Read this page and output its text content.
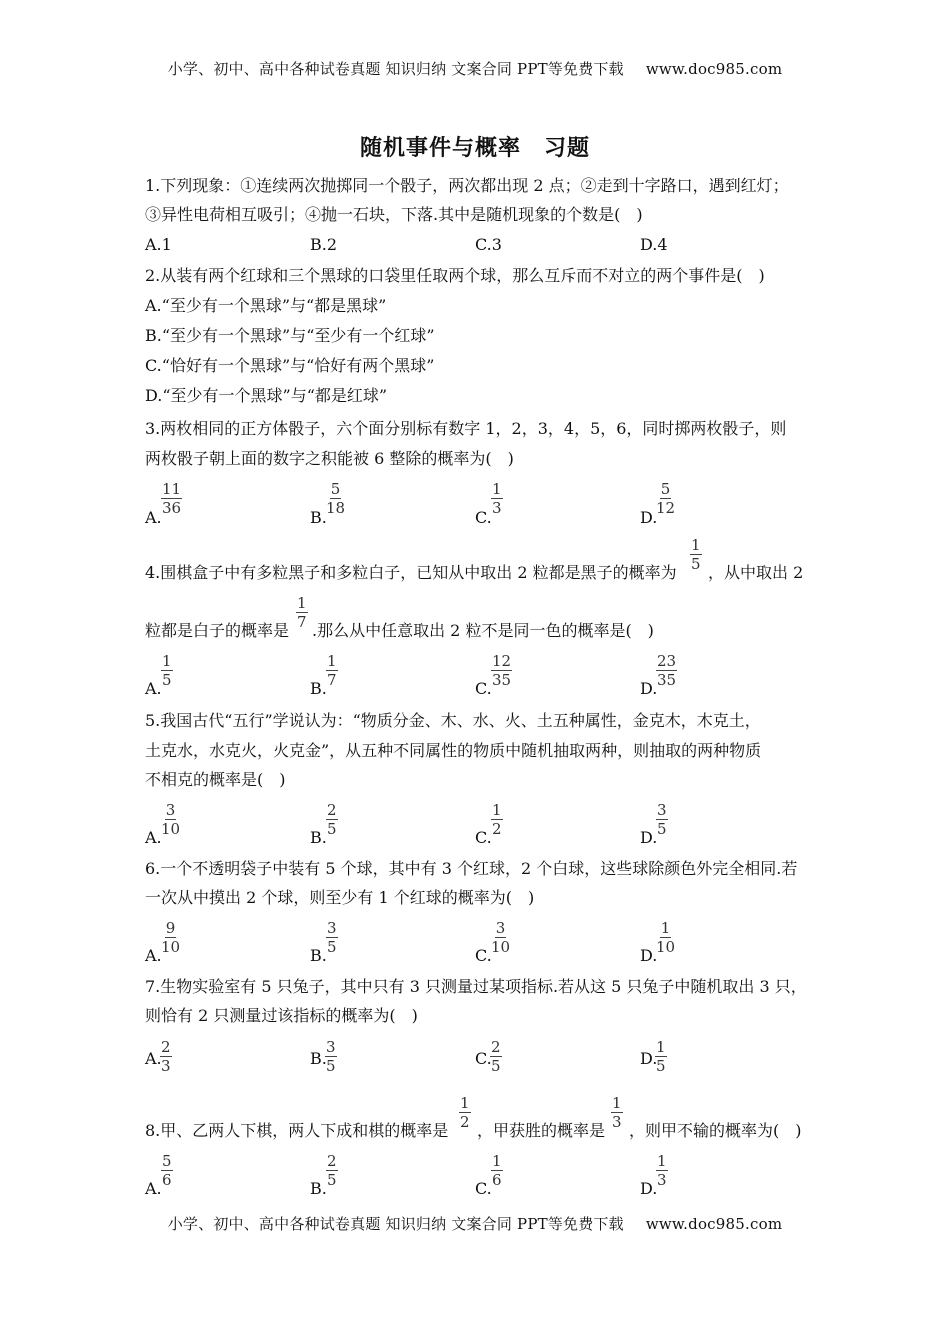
小学、初中、高中各种试卷真题 知识归纳 文案合同 PPT等免费下载 www.doc985.com
随机事件与概率　习题
1.下列现象：①连续两次抛掷同一个骰子，两次都出现 2 点；②走到十字路口，遇到红灯；
③异性电荷相互吸引；④抛一石块，下落.其中是随机现象的个数是(　)
A.1	B.2	C.3	D.4
2.从装有两个红球和三个黑球的口袋里任取两个球，那么互斥而不对立的两个事件是(　)
A.“至少有一个黑球”与“都是黑球”
B.“至少有一个黑球”与“至少有一个红球”
C.“恰好有一个黑球”与“恰好有两个黑球”
D.“至少有一个黑球”与“都是红球”
3.两枚相同的正方体骰子，六个面分别标有数字 1，2，3，4，5，6，同时掷两枚骰子，则
两枚骰子朝上面的数字之积能被 6 整除的概率为(　)
A.
$\frac{11}{36}$
B.
$\frac{5}{18}$
C.
$\frac{1}{3}$
D.
$\frac{5}{12}$
4.围棋盒子中有多粒黑子和多粒白子，已知从中取出 2 粒都是黑子的概率为 $\frac{1}{5}$ ，从中取出 2
粒都是白子的概率是 $\frac{1}{7}$ .那么从中任意取出 2 粒不是同一色的概率是(　)
A. $\frac{1}{5}$	B. $\frac{1}{7}$	C. $\frac{12}{35}$	D.
$\frac{23}{35}$
5.我国古代“五行”学说认为：“物质分金、木、水、火、土五种属性，金克木，木克土，
土克水，水克火，火克金”，从五种不同属性的物质中随机抽取两种，则抽取的两种物质
不相克的概率是(　)
A. $\frac{3}{10}$	B. $\frac{2}{5}$	C. $\frac{1}{2}$	D.
$\frac{3}{5}$
6.一个不透明袋子中装有 5 个球，其中有 3 个红球，2 个白球，这些球除颜色外完全相同.若
一次从中摸出 2 个球，则至少有 1 个红球的概率为(　)
A. $\frac{9}{10}$	B. $\frac{3}{5}$	C. $\frac{3}{10}$	D.
$\frac{1}{10}$
7.生物实验室有 5 只兔子，其中只有 3 只测量过某项指标.若从这 5 只兔子中随机取出 3 只，
则恰有 2 只测量过该指标的概率为(　)
A.
$\frac{2}{3}$	B.
$\frac{3}{5}$	C.
$\frac{2}{5}$	D.
$\frac{1}{5}$
8.甲、乙两人下棋，两人下成和棋的概率是 $\frac{1}{2}$ ，甲获胜的概率是 $\frac{1}{3}$ ，则甲不输的概率为(　)
A. $\frac{5}{6}$	B. $\frac{2}{5}$	C. $\frac{1}{6}$	D.
$\frac{1}{3}$
小学、初中、高中各种试卷真题 知识归纳 文案合同 PPT等免费下载 www.doc985.com
